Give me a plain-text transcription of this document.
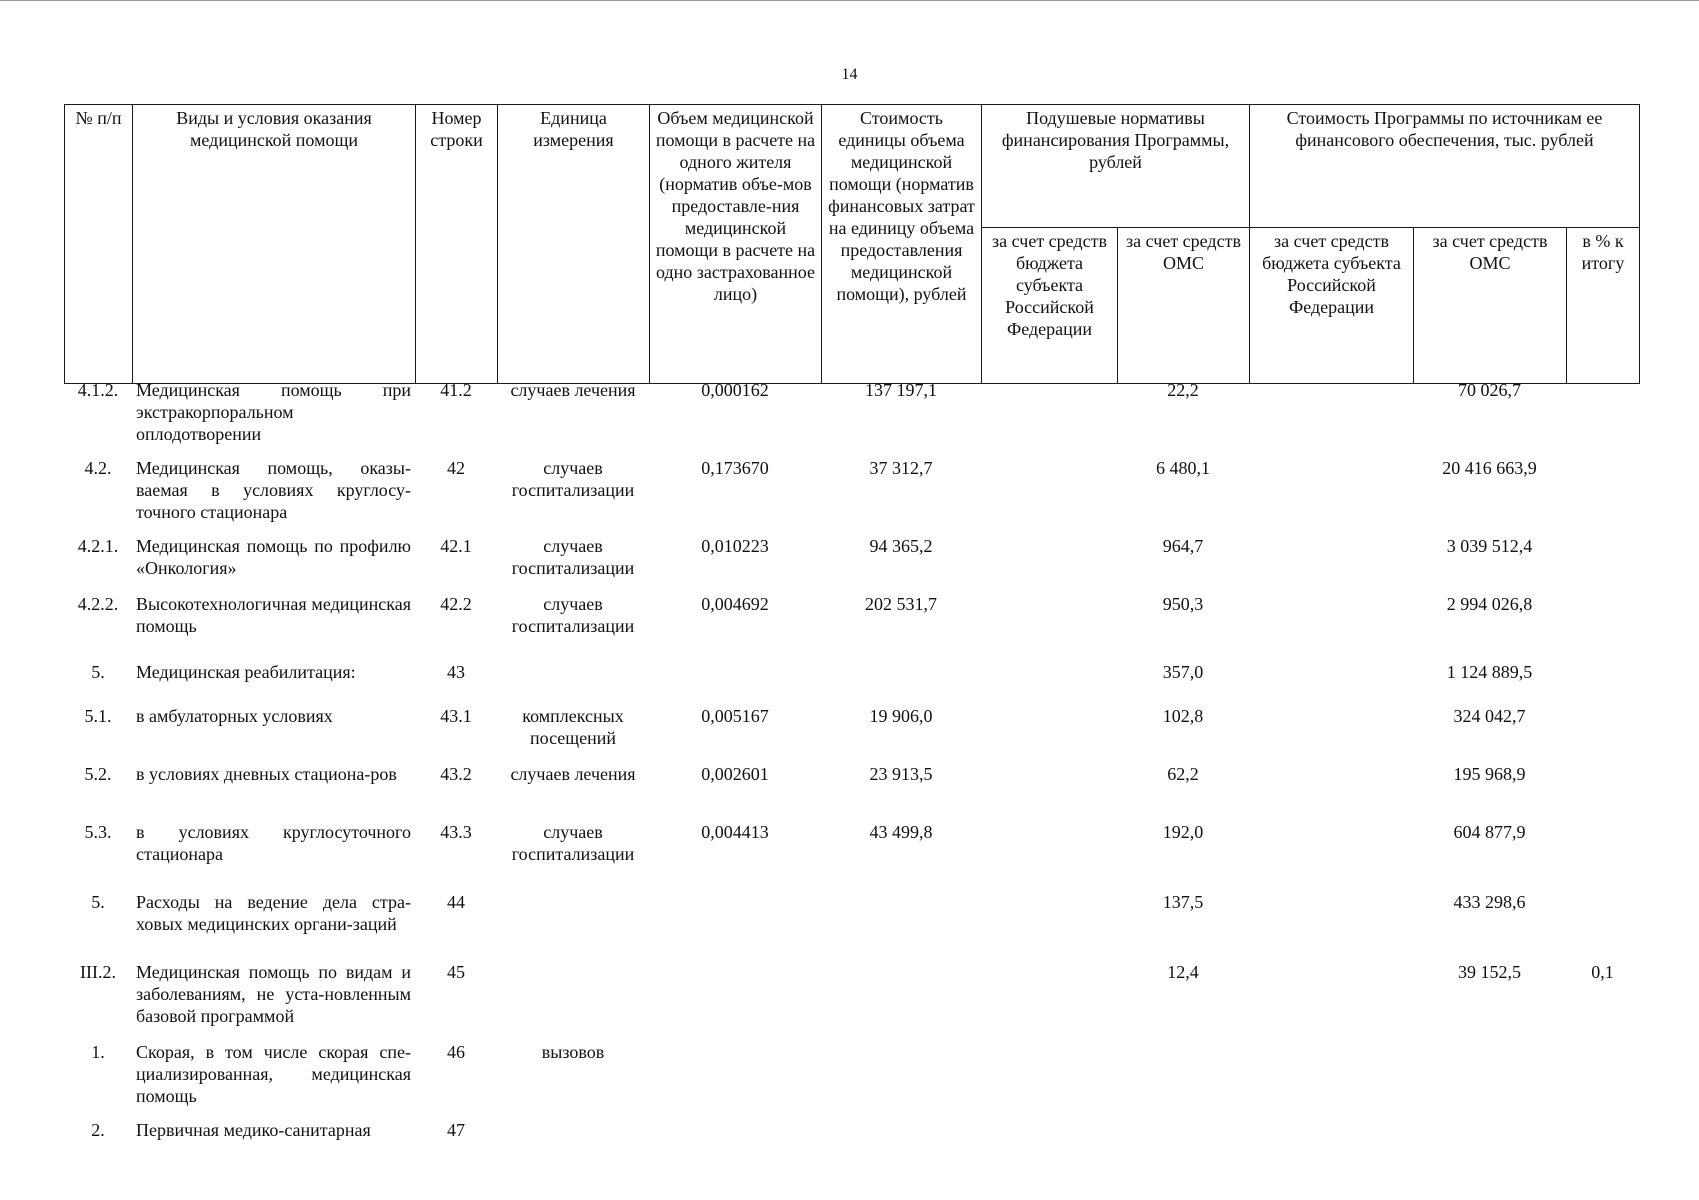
14
№ п/п	Виды и условия оказания медицинской помощи	Номер строки	Единица измерения	Объем медицинской помощи в расчете на одного жителя (норматив объе-мов предоставле-ния медицинской помощи в расчете на одно застрахованное лицо)	Стоимость единицы объема медицинской помощи (норматив финансовых затрат на единицу объема предоставления медицинской помощи), рублей	Подушевые нормативы финансирования Программы, рублей		Стоимость Программы по источникам ее финансового обеспечения, тыс. рублей		
						за счет средств бюджета субъекта Российской Федерации	за счет средств ОМС	за счет средств бюджета субъекта Российской Федерации	за счет средств ОМС	в % к итогу
4.1.2.	Медицинская помощь при экстракорпоральном оплодотворении	41.2	случаев лечения	0,000162	137 197,1		22,2		70 026,7	
4.2.	Медицинская помощь, оказы-ваемая в условиях круглосу-точного стационара	42	случаев госпитализации	0,173670	37 312,7		6 480,1		20 416 663,9	
4.2.1.	Медицинская помощь по профилю «Онкология»	42.1	случаев госпитализации	0,010223	94 365,2		964,7		3 039 512,4	
4.2.2.	Высокотехнологичная медицинская помощь	42.2	случаев госпитализации	0,004692	202 531,7		950,3		2 994 026,8	
5.	Медицинская реабилитация:	43					357,0		1 124 889,5	
5.1.	в амбулаторных условиях	43.1	комплексных посещений	0,005167	19 906,0		102,8		324 042,7	
5.2.	в условиях дневных стациона-ров	43.2	случаев лечения	0,002601	23 913,5		62,2		195 968,9	
5.3.	в условиях круглосуточного стационара	43.3	случаев госпитализации	0,004413	43 499,8		192,0		604 877,9	
5.	Расходы на ведение дела стра-ховых медицинских органи-заций	44					137,5		433 298,6	
III.2.	Медицинская помощь по видам и заболеваниям, не уста-новленным базовой программой	45					12,4		39 152,5	0,1
1.	Скорая, в том числе скорая спе-циализированная, медицинская помощь	46	вызовов							
2.	Первичная медико-санитарная	47								
